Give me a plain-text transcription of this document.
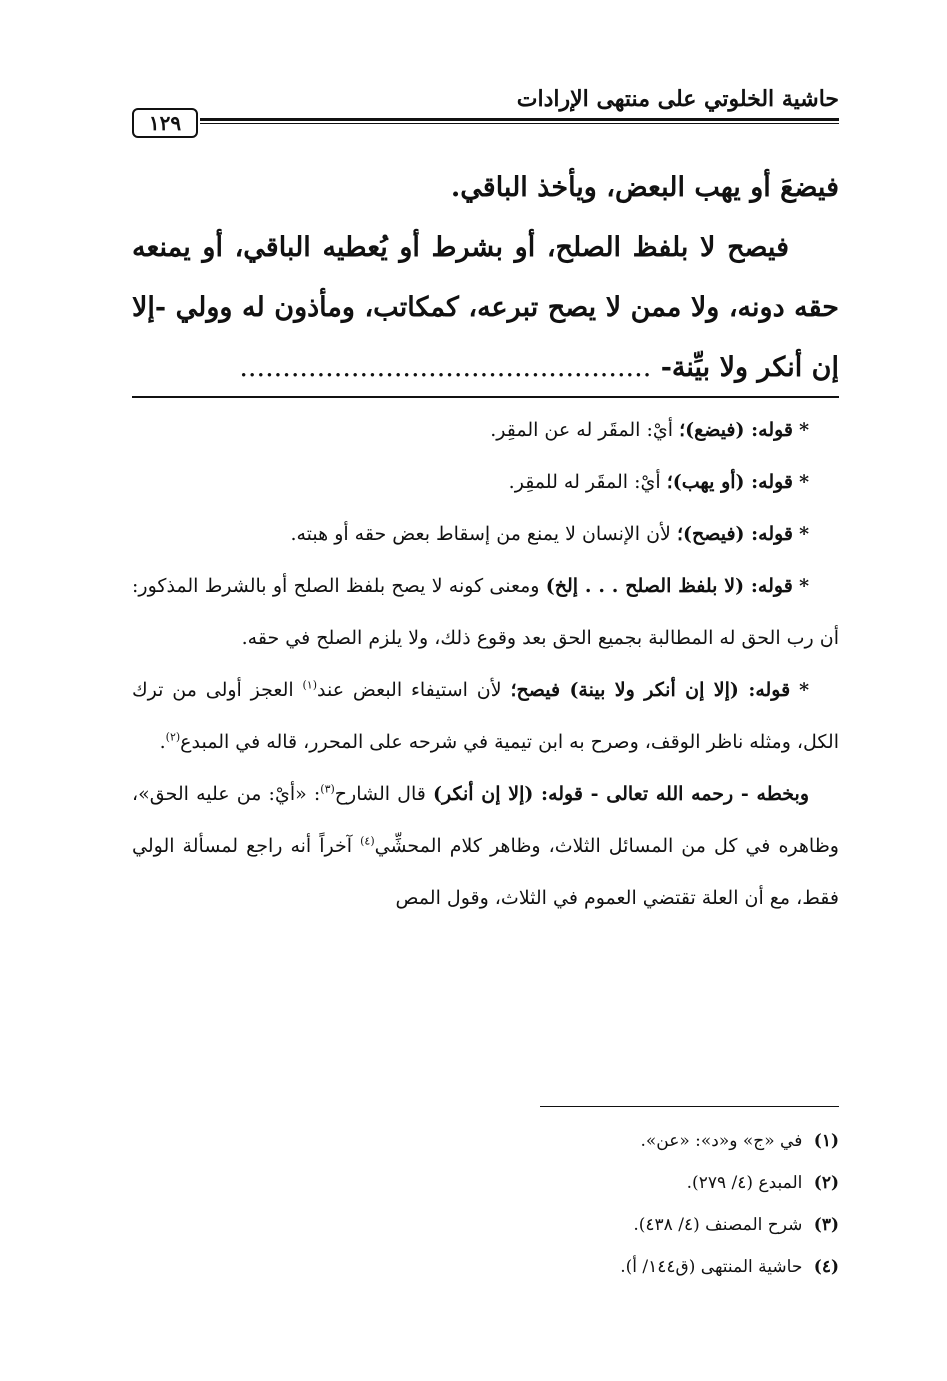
حاشية الخلوتي على منتهى الإرادات
١٢٩

فيضعَ أو يهب البعض، ويأخذ الباقي.

فيصح لا بلفظ الصلح، أو بشرط أو يُعطيه الباقي، أو يمنعه حقه دونه، ولا ممن لا يصح تبرعه، كمكاتب، ومأذون له وولي -إلا إن أنكر ولا بيِّنة- ................................................

* قوله: (فيضع)؛ أيْ: المقَر له عن المقِر.

* قوله: (أو يهب)؛ أيْ: المقَر له للمقِر.

* قوله: (فيصح)؛ لأن الإنسان لا يمنع من إسقاط بعض حقه أو هبته.

* قوله: (لا بلفظ الصلح . . . إلخ) ومعنى كونه لا يصح بلفظ الصلح أو بالشرط المذكور: أن رب الحق له المطالبة بجميع الحق بعد وقوع ذلك، ولا يلزم الصلح في حقه.

* قوله: (إلا إن أنكر ولا بينة) فيصح؛ لأن استيفاء البعض عند$^{(١)}$ العجز أولى من ترك الكل، ومثله ناظر الوقف، وصرح به ابن تيمية في شرحه على المحرر، قاله في المبدع$^{(٢)}$.

وبخطه - رحمه الله تعالى - قوله: (إلا إن أنكر) قال الشارح$^{(٣)}$: «أيْ: من عليه الحق»، وظاهره في كل من المسائل الثلاث، وظاهر كلام المحشِّي$^{(٤)}$ آخراً أنه راجع لمسألة الولي فقط، مع أن العلة تقتضي العموم في الثلاث، وقول المص

(١) في «ج» و«د»: «عن».
(٢) المبدع (٤/ ٢٧٩).
(٣) شرح المصنف (٤/ ٤٣٨).
(٤) حاشية المنتهى (ق١٤٤/ أ).
